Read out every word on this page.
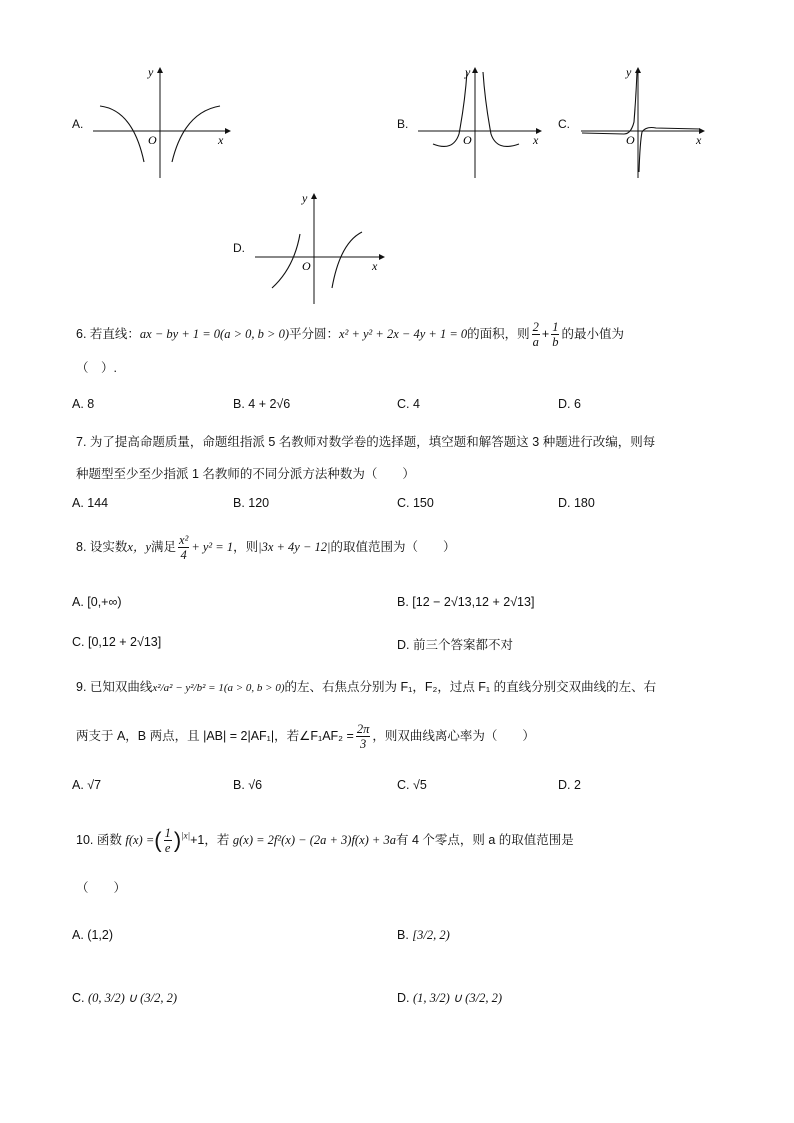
A.
O	x
y
B.
O	x
y
C.
O	x
y
D.
O	x
y
6. 若直线：ax − by + 1 = 0(a > 0, b > 0)平分圆：x² + y² + 2x − 4y + 1 = 0的面积，则 $\frac{2}{a} + \frac{1}{b}$ 的最小值为
（　）.
A. 8	B. 4 + 2√6	C. 4	D. 6
7. 为了提高命题质量，命题组指派 5 名教师对数学卷的选择题，填空题和解答题这 3 种题进行改编，则每
种题型至少至少指派 1 名教师的不同分派方法种数为（　　）
A. 144	B. 120	C. 150	D. 180
8. 设实数x，y满足 $\frac{\text{x²}}{4} + y^2 = 1$，则|3x + 4y − 12|的取值范围为（　　）
A. [0,+∞)	B. [12 − 2√13,12 + 2√13]
C. [0,12 + 2√13]	D. 前三个答案都不对
9. 已知双曲线x²/a² − y²/b² = 1(a > 0, b > 0)的左、右焦点分别为 F₁，F₂，过点 F₁ 的直线分别交双曲线的左、右
两支于 A，B 两点，且 |AB| = 2|AF₁|，若∠F₁AF₂ = $\frac{2\pi}{3}$ ，则双曲线离心率为（　　）
A. √7	B. √6	C. √5	D. 2
10. 函数 f(x) =( $\frac{1}{e} )^{|x|}+1$，若 g(x) = 2f²(x) − (2a + 3)f(x) + 3a有 4 个零点，则 a 的取值范围是
（　　）
A. (1,2)	B. [3/2, 2)
C. (0, 3/2) ∪ (3/2, 2)	D. (1, 3/2) ∪ (3/2, 2)
